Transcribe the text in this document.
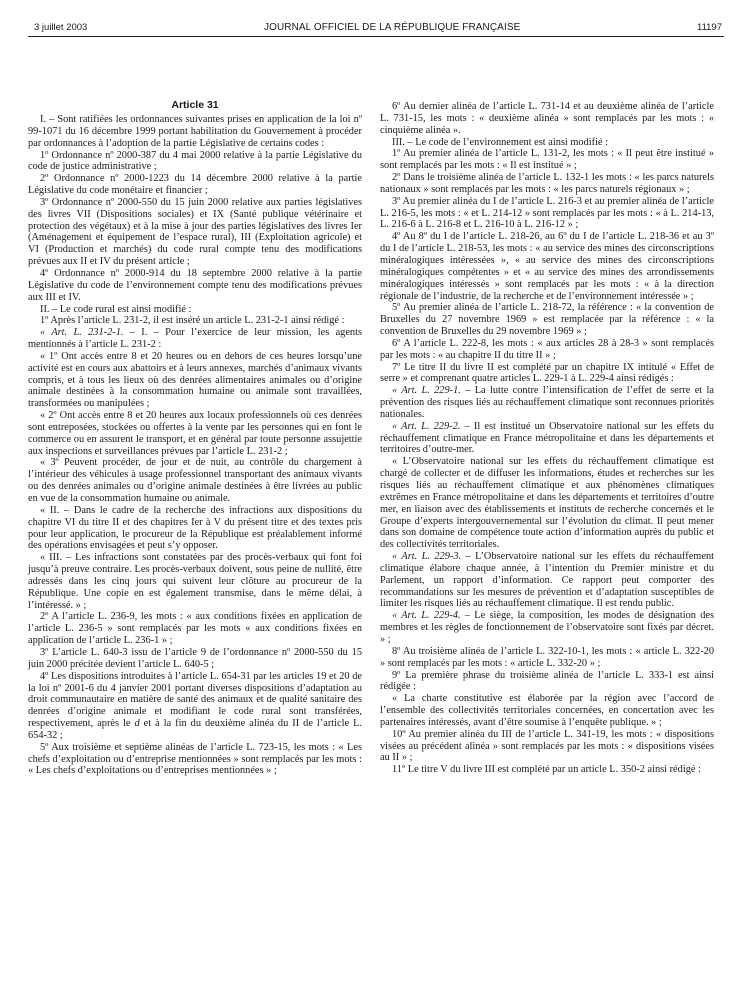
3 juillet 2003	JOURNAL OFFICIEL DE LA RÉPUBLIQUE FRANÇAISE	11197
Article 31

I. – Sont ratifiées les ordonnances suivantes prises en application de la loi nº 99-1071 du 16 décembre 1999 portant habilitation du Gouvernement à procéder par ordonnances à l’adoption de la partie Législative de certains codes :

1º Ordonnance nº 2000-387 du 4 mai 2000 relative à la partie Législative du code de justice administrative ;

2º Ordonnance nº 2000-1223 du 14 décembre 2000 relative à la partie Législative du code monétaire et financier ;

3º Ordonnance nº 2000-550 du 15 juin 2000 relative aux parties législatives des livres VII (Dispositions sociales) et IX (Santé publique vétérinaire et protection des végétaux) et à la mise à jour des parties législatives des livres Ier (Aménagement et équipement de l’espace rural), III (Exploitation agricole) et VI (Production et marchés) du code rural compte tenu des modifications prévues aux II et IV du présent article ;

4º Ordonnance nº 2000-914 du 18 septembre 2000 relative à la partie Législative du code de l’environnement compte tenu des modifications prévues aux III et IV.

II. – Le code rural est ainsi modifié :

1º Après l’article L. 231-2, il est inséré un article L. 231-2-1 ainsi rédigé :

« Art. L. 231-2-1. – I. – Pour l’exercice de leur mission, les agents mentionnés à l’article L. 231-2 :

« 1º Ont accès entre 8 et 20 heures ou en dehors de ces heures lorsqu’une activité est en cours aux abattoirs et à leurs annexes, marchés d’animaux vivants compris, et à tous les lieux où des denrées alimentaires animales ou d’origine animale destinées à la consommation humaine ou animale sont travaillées, transformées ou manipulées ;

« 2º Ont accès entre 8 et 20 heures aux locaux professionnels où ces denrées sont entreposées, stockées ou offertes à la vente par les personnes qui en font le commerce ou en assurent le transport, et en général par toute personne assujettie aux inspections et surveillances prévues par l’article L. 231-2 ;

« 3º Peuvent procéder, de jour et de nuit, au contrôle du chargement à l’intérieur des véhicules à usage professionnel transportant des animaux vivants ou des denrées animales ou d’origine animale destinées à être livrées au public en vue de la consommation humaine ou animale.

« II. – Dans le cadre de la recherche des infractions aux dispositions du chapitre VI du titre II et des chapitres Ier à V du présent titre et des textes pris pour leur application, le procureur de la République est préalablement informé des opérations envisagées et peut s’y opposer.

« III. – Les infractions sont constatées par des procès-verbaux qui font foi jusqu’à preuve contraire. Les procès-verbaux doivent, sous peine de nullité, être adressés dans les cinq jours qui suivent leur clôture au procureur de la République. Une copie en est également transmise, dans le même délai, à l’intéressé. » ;

2º A l’article L. 236-9, les mots : « aux conditions fixées en application de l’article L. 236-5 » sont remplacés par les mots « aux conditions fixées en application de l’article L. 236-1 » ;

3º L’article L. 640-3 issu de l’article 9 de l’ordonnance nº 2000-550 du 15 juin 2000 précitée devient l’article L. 640-5 ;

4º Les dispositions introduites à l’article L. 654-31 par les articles 19 et 20 de la loi nº 2001-6 du 4 janvier 2001 portant diverses dispositions d’adaptation au droit communautaire en matière de santé des animaux et de qualité sanitaire des denrées d’origine animale et modifiant le code rural sont transférées, respectivement, après le d et à la fin du deuxième alinéa du II de l’article L. 654-32 ;

5º Aux troisième et septième alinéas de l’article L. 723-15, les mots : « Les chefs d’exploitation ou d’entreprise mentionnées » sont remplacés par les mots : « Les chefs d’exploitations ou d’entreprises mentionnées » ;

6º Au dernier alinéa de l’article L. 731-14 et au deuxième alinéa de l’article L. 731-15, les mots : « deuxième alinéa » sont remplacés par les mots : « cinquième alinéa ».

III. – Le code de l’environnement est ainsi modifié :

1º Au premier alinéa de l’article L. 131-2, les mots : « Il peut être institué » sont remplacés par les mots : « Il est institué » ;

2º Dans le troisième alinéa de l’article L. 132-1 les mots : « les parcs naturels nationaux » sont remplacés par les mots : « les parcs naturels régionaux » ;

3º Au premier alinéa du I de l’article L. 216-3 et au premier alinéa de l’article L. 216-5, les mots : « et L. 214-12 » sont remplacés par les mots : « à L. 214-13, L. 216-6 à L. 216-8 et L. 216-10 à L. 216-12 » ;

4º Au 8º du I de l’article L. 218-26, au 6º du I de l’article L. 218-36 et au 3º du I de l’article L. 218-53, les mots : « au service des mines des circonscriptions minéralogiques intéressées », « au service des mines des circonscriptions minéralogiques compétentes » et « au service des mines des arrondissements minéralogiques intéressés » sont remplacés par les mots : « à la direction régionale de l’industrie, de la recherche et de l’environnement intéressée » ;

5º Au premier alinéa de l’article L. 218-72, la référence : « la convention de Bruxelles du 27 novembre 1969 » est remplacée par la référence : « la convention de Bruxelles du 29 novembre 1969 » ;

6º A l’article L. 222-8, les mots : « aux articles 28 à 28-3 » sont remplacés par les mots : « au chapitre II du titre II » ;

7º Le titre II du livre II est complété par un chapitre IX intitulé « Effet de serre » et comprenant quatre articles L. 229-1 à L. 229-4 ainsi rédigés :

« Art. L. 229-1. – La lutte contre l’intensification de l’effet de serre et la prévention des risques liés au réchauffement climatique sont reconnues priorités nationales.

« Art. L. 229-2. – Il est institué un Observatoire national sur les effets du réchauffement climatique en France métropolitaine et dans les départements et territoires d’outre-mer.

« L’Observatoire national sur les effets du réchauffement climatique est chargé de collecter et de diffuser les informations, études et recherches sur les risques liés au réchauffement climatique et aux phénomènes climatiques extrêmes en France métropolitaine et dans les départements et territoires d’outre mer, en liaison avec des établissements et instituts de recherche concernés et le Groupe d’experts intergouvernemental sur l’évolution du climat. Il peut mener dans son domaine de compétence toute action d’information auprès du public et des collectivités territoriales.

« Art. L. 229-3. – L’Observatoire national sur les effets du réchauffement climatique élabore chaque année, à l’intention du Premier ministre et du Parlement, un rapport d’information. Ce rapport peut comporter des recommandations sur les mesures de prévention et d’adaptation susceptibles de limiter les risques liés au réchauffement climatique. Il est rendu public.

« Art. L. 229-4. – Le siège, la composition, les modes de désignation des membres et les règles de fonctionnement de l’observatoire sont fixés par décret. » ;

8º Au troisième alinéa de l’article L. 322-10-1, les mots : « article L. 322-20 » sont remplacés par les mots : « article L. 332-20 » ;

9º La première phrase du troisième alinéa de l’article L. 333-1 est ainsi rédigée :

« La charte constitutive est élaborée par la région avec l’accord de l’ensemble des collectivités territoriales concernées, en concertation avec les partenaires intéressés, avant d’être soumise à l’enquête publique. » ;

10º Au premier alinéa du III de l’article L. 341-19, les mots : « dispositions visées au précédent alinéa » sont remplacés par les mots : « dispositions visées au II » ;

11º Le titre V du livre III est complété par un article L. 350-2 ainsi rédigé :
